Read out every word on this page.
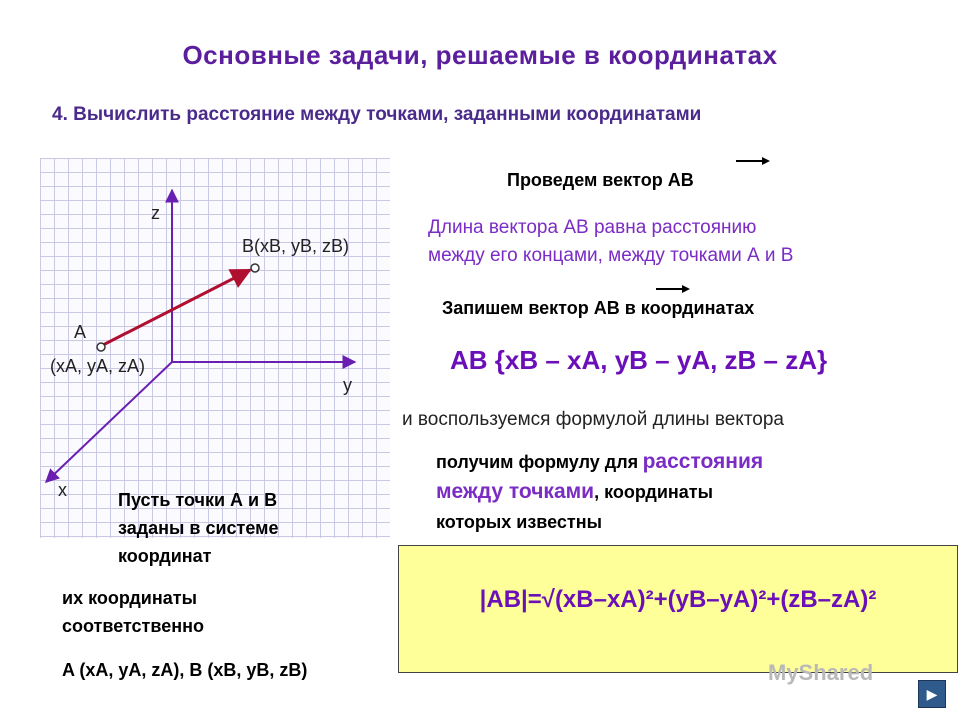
Основные задачи, решаемые в координатах
4. Вычислить расстояние между точками, заданными координатами
z
y
x
A
(xA, yA, zA)
B(xB, yB, zB)
Пусть точки А и В
заданы в системе
координат
их координаты
соответственно
A (xA, yA, zA), B (xB, yB, zB)
Проведем вектор АВ
Длина вектора АВ равна расстоянию
между его концами, между точками А и В
Запишем вектор АВ в координатах
AB {xB – xA, yB – yA, zB – zA}
и воспользуемся формулой длины вектора
получим формулу для расстояния
между точками, координаты
которых известны
|AB|=√(xB–xA)²+(yB–yA)²+(zB–zA)²
MyShared
▶
